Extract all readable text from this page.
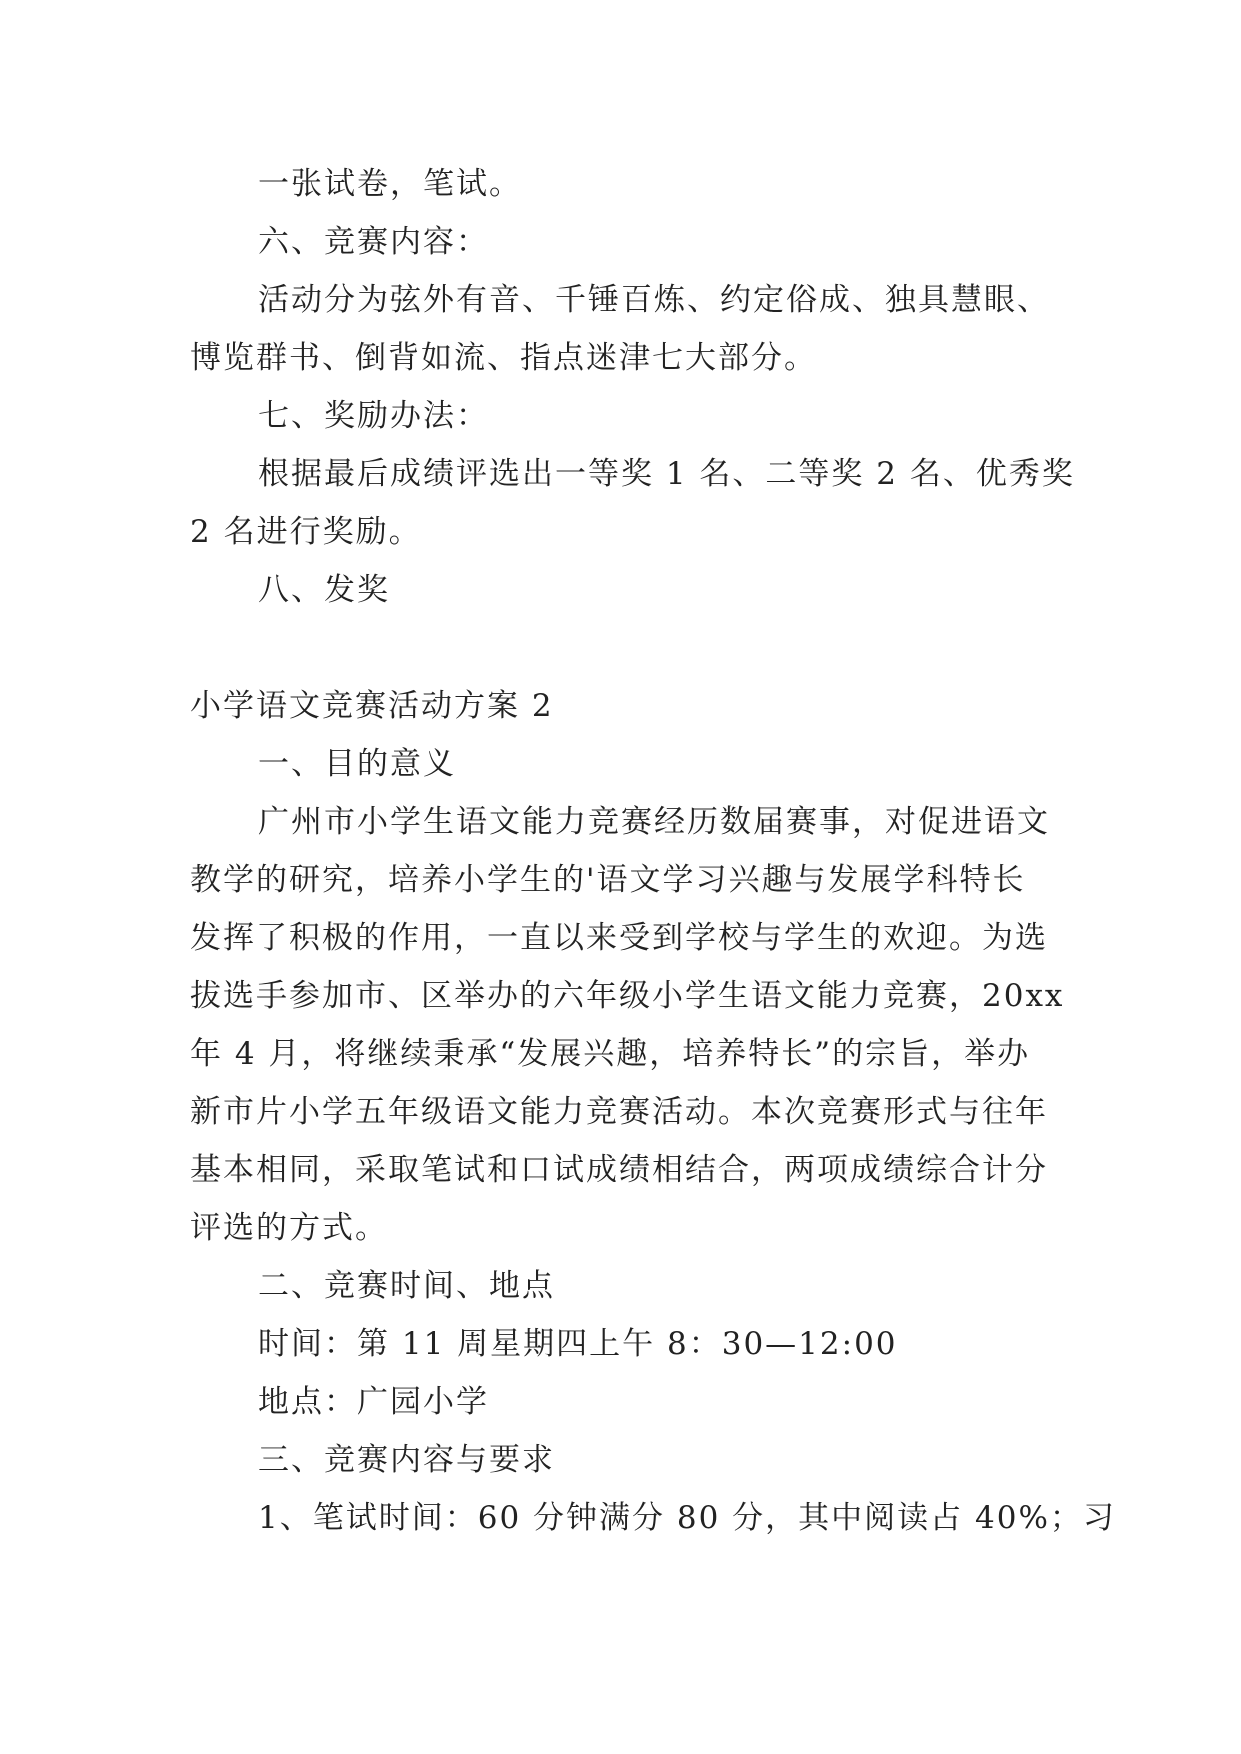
一张试卷，笔试。
六、竞赛内容：
活动分为弦外有音、千锤百炼、约定俗成、独具慧眼、
博览群书、倒背如流、指点迷津七大部分。
七、奖励办法：
根据最后成绩评选出一等奖 1 名、二等奖 2 名、优秀奖
2 名进行奖励。
八、发奖
小学语文竞赛活动方案 2
一、目的意义
广州市小学生语文能力竞赛经历数届赛事，对促进语文
教学的研究，培养小学生的'语文学习兴趣与发展学科特长
发挥了积极的作用，一直以来受到学校与学生的欢迎。为选
拔选手参加市、区举办的六年级小学生语文能力竞赛，20xx
年 4 月，将继续秉承“发展兴趣，培养特长”的宗旨，举办
新市片小学五年级语文能力竞赛活动。本次竞赛形式与往年
基本相同，采取笔试和口试成绩相结合，两项成绩综合计分
评选的方式。
二、竞赛时间、地点
时间：第 11 周星期四上午 8：30—12:00
地点：广园小学
三、竞赛内容与要求
1、笔试时间：60 分钟满分 80 分，其中阅读占 40%；习
